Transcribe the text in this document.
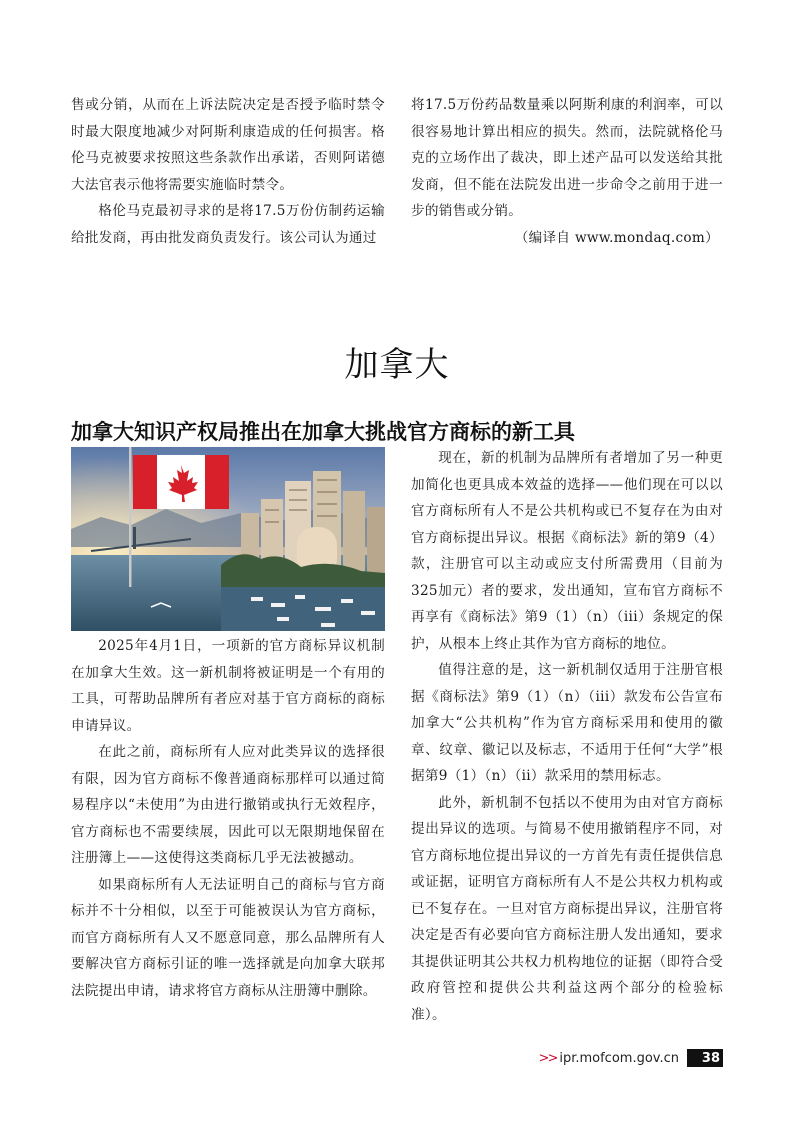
售或分销，从而在上诉法院决定是否授予临时禁令时最大限度地减少对阿斯利康造成的任何损害。格伦马克被要求按照这些条款作出承诺，否则阿诺德大法官表示他将需要实施临时禁令。

格伦马克最初寻求的是将17.5万份仿制药运输给批发商，再由批发商负责发行。该公司认为通过

将17.5万份药品数量乘以阿斯利康的利润率，可以很容易地计算出相应的损失。然而，法院就格伦马克的立场作出了裁决，即上述产品可以发送给其批发商，但不能在法院发出进一步命令之前用于进一步的销售或分销。

（编译自 www.mondaq.com）

加拿大
加拿大知识产权局推出在加拿大挑战官方商标的新工具

2025年4月1日，一项新的官方商标异议机制在加拿大生效。这一新机制将被证明是一个有用的工具，可帮助品牌所有者应对基于官方商标的商标申请异议。

在此之前，商标所有人应对此类异议的选择很有限，因为官方商标不像普通商标那样可以通过简易程序以“未使用”为由进行撤销或执行无效程序，官方商标也不需要续展，因此可以无限期地保留在注册簿上——这使得这类商标几乎无法被撼动。

如果商标所有人无法证明自己的商标与官方商标并不十分相似，以至于可能被误认为官方商标，而官方商标所有人又不愿意同意，那么品牌所有人要解决官方商标引证的唯一选择就是向加拿大联邦法院提出申请，请求将官方商标从注册簿中删除。

现在，新的机制为品牌所有者增加了另一种更加简化也更具成本效益的选择——他们现在可以以官方商标所有人不是公共机构或已不复存在为由对官方商标提出异议。根据《商标法》新的第9（4）款，注册官可以主动或应支付所需费用（目前为325加元）者的要求，发出通知，宣布官方商标不再享有《商标法》第9（1）（n）（iii）条规定的保护，从根本上终止其作为官方商标的地位。

值得注意的是，这一新机制仅适用于注册官根据《商标法》第9（1）（n）（iii）款发布公告宣布加拿大“公共机构”作为官方商标采用和使用的徽章、纹章、徽记以及标志，不适用于任何“大学”根据第9（1）（n）（ii）款采用的禁用标志。

此外，新机制不包括以不使用为由对官方商标提出异议的选项。与简易不使用撤销程序不同，对官方商标地位提出异议的一方首先有责任提供信息或证据，证明官方商标所有人不是公共权力机构或已不复存在。一旦对官方商标提出异议，注册官将决定是否有必要向官方商标注册人发出通知，要求其提供证明其公共权力机构地位的证据（即符合受政府管控和提供公共利益这两个部分的检验标准）。

>> ipr.mofcom.gov.cn	38
